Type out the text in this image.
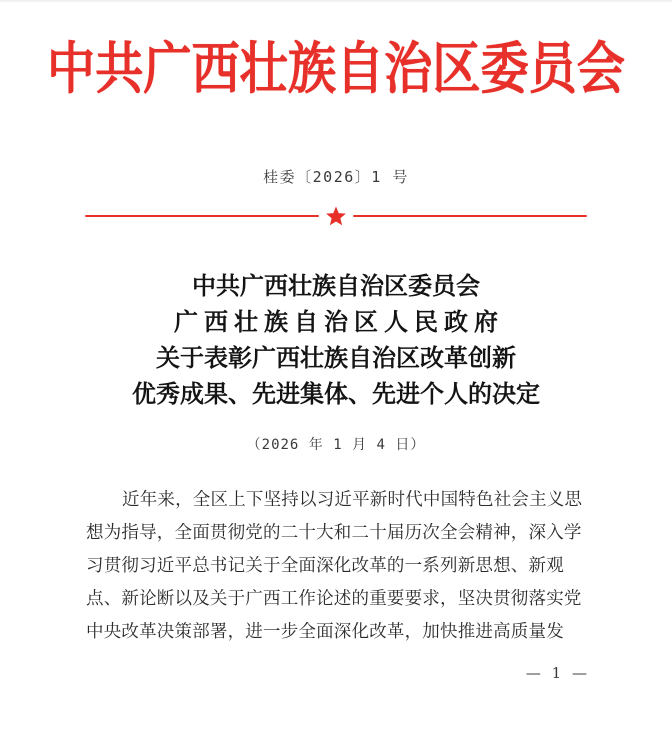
中共广西壮族自治区委员会
桂委〔2026〕1 号
中共广西壮族自治区委员会
广西壮族自治区人民政府
关于表彰广西壮族自治区改革创新
优秀成果、先进集体、先进个人的决定
（2026 年 1 月 4 日）
近年来，全区上下坚持以习近平新时代中国特色社会主义思
想为指导，全面贯彻党的二十大和二十届历次全会精神，深入学
习贯彻习近平总书记关于全面深化改革的一系列新思想、新观
点、新论断以及关于广西工作论述的重要要求，坚决贯彻落实党
中央改革决策部署，进一步全面深化改革，加快推进高质量发
— 1 —
